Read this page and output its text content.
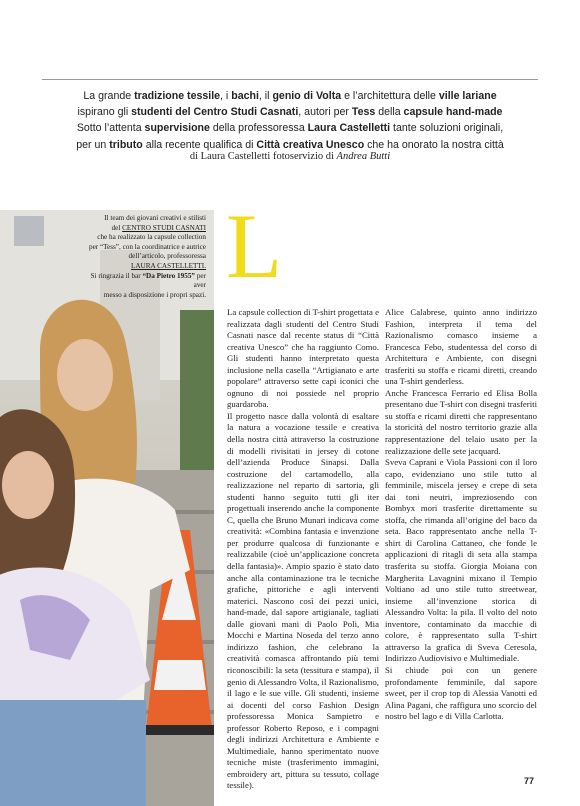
La grande tradizione tessile, i bachi, il genio di Volta e l’architettura delle ville lariane
ispirano gli studenti del Centro Studi Casnati, autori per Tess della capsule hand-made
Sotto l’attenta supervisione della professoressa Laura Castelletti tante soluzioni originali,
per un tributo alla recente qualifica di Città creativa Unesco che ha onorato la nostra città
di Laura Castelletti fotoservizio di Andrea Butti
Il team dei giovani creativi e stilisti
del CENTRO STUDI CASNATI
che ha realizzato la capsule collection
per “Tess”, con la coordinatrice e autrice
dell’articolo, professoressa
LAURA CASTELLETTI.
Si ringrazia il bar “Da Pietro 1955” per aver
messo a disposizione i propri spazi. L

La capsule collection di T-shirt progettata e realizzata dagli studenti del Centro Studi Casnati nasce dal recente status di “Città creativa Unesco” che ha raggiunto Como. Gli studenti hanno interpretato questa inclusione nella casella “Artigianato e arte popolare” attraverso sette capi iconici che ognuno di noi possiede nel proprio guardaroba.

Il progetto nasce dalla volontà di esaltare la natura a vocazione tessile e creativa della nostra città attraverso la costruzione di modelli rivisitati in jersey di cotone dell’azienda Produce Sinapsi. Dalla costruzione del cartamodello, alla realizzazione nel reparto di sartoria, gli studenti hanno seguito tutti gli iter progettuali inserendo anche la componente C, quella che Bruno Munari indicava come creatività: «Combina fantasia e invenzione per produrre qualcosa di funzionante e realizzabile (cioè un’applicazione concreta della fantasia)». Ampio spazio è stato dato anche alla contaminazione tra le tecniche grafiche, pittoriche e agli interventi materici. Nascono così dei pezzi unici, hand-made, dal sapore artigianale, tagliati dalle giovani mani di Paolo Poli, Mia Mocchi e Martina Noseda del terzo anno indirizzo fashion, che celebrano la creatività comasca affrontando più temi riconoscibili: la seta (tessitura e stampa), il genio di Alessandro Volta, il Razionalismo, il lago e le sue ville. Gli studenti, insieme ai docenti del corso Fashion Design professoressa Monica Sampietro e professor Roberto Reposo, e i compagni degli indirizzi Architettura e Ambiente e Multimediale, hanno sperimentato nuove tecniche miste (trasferimento immagini, embroidery art, pittura su tessuto, collage tessile).

Alice Calabrese, quinto anno indirizzo Fashion, interpreta il tema del Razionalismo comasco insieme a Francesca Febo, studentessa del corso di Architettura e Ambiente, con disegni trasferiti su stoffa e ricami diretti, creando una T-shirt genderless.

Anche Francesca Ferrario ed Elisa Bolla presentano due T-shirt con disegni trasferiti su stoffa e ricami diretti che rappresentano la storicità del nostro territorio grazie alla rappresentazione del telaio usato per la realizzazione delle sete jacquard.

Sveva Caprani e Viola Passioni con il loro capo, evidenziano uno stile tutto al femminile, miscela jersey e crepe di seta dai toni neutri, impreziosendo con Bombyx mori trasferite direttamente su stoffa, che rimanda all’origine del baco da seta. Baco rappresentato anche nella T-shirt di Carolina Cattaneo, che fonde le applicazioni di ritagli di seta alla stampa trasferita su stoffa. Giorgia Moiana con Margherita Lavagnini mixano il Tempio Voltiano ad uno stile tutto streetwear, insieme all’invenzione storica di Alessandro Volta: la pila. Il volto del noto inventore, contaminato da macchie di colore, è rappresentato sulla T-shirt attraverso la grafica di Sveva Ceresola, Indirizzo Audiovisivo e Multimediale.

Si chiude poi con un genere profondamente femminile, dal sapore sweet, per il crop top di Alessia Vanotti ed Alina Pagani, che raffigura uno scorcio del nostro bel lago e di Villa Carlotta.

77
